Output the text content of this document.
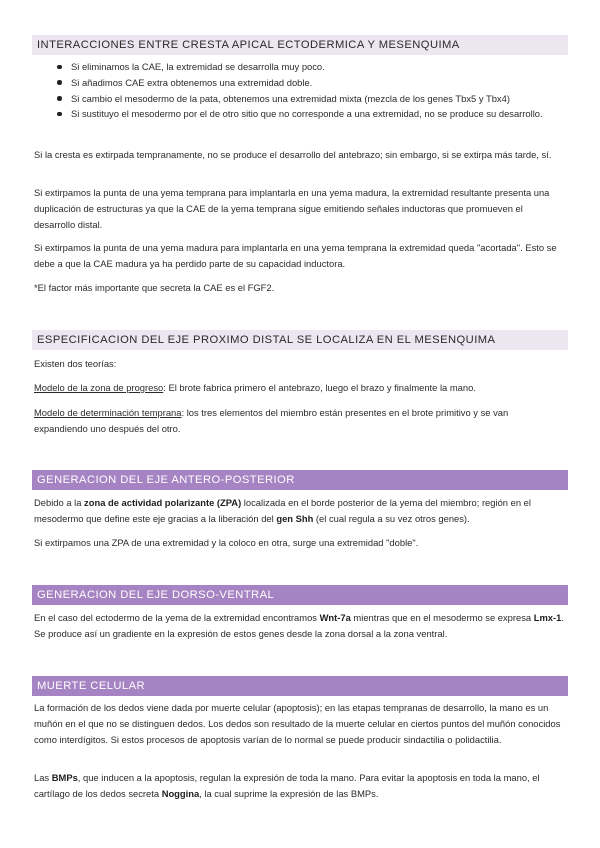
INTERACCIONES ENTRE CRESTA APICAL ECTODERMICA Y MESENQUIMA
Si eliminamos la CAE, la extremidad se desarrolla muy poco.
Si añadimos CAE extra obtenemos una extremidad doble.
Si cambio el mesodermo de la pata, obtenemos una extremidad mixta (mezcla de los genes Tbx5 y Tbx4)
Si sustituyo el mesodermo por el de otro sitio que no corresponde a una extremidad, no se produce su desarrollo.

Si la cresta es extirpada tempranamente, no se produce el desarrollo del antebrazo; sin embargo, si se extirpa más tarde, sí.

Si extirpamos la punta de una yema temprana para implantarla en una yema madura, la extremidad resultante presenta una duplicación de estructuras ya que la CAE de la yema temprana sigue emitiendo señales inductoras que promueven el desarrollo distal.

Si extirpamos la punta de una yema madura para implantarla en una yema temprana la extremidad queda "acortada". Esto se debe a que la CAE madura ya ha perdido parte de su capacidad inductora.

*El factor más importante que secreta la CAE es el FGF2.

ESPECIFICACION DEL EJE PROXIMO DISTAL SE LOCALIZA EN EL MESENQUIMA

Existen dos teorías:

Modelo de la zona de progreso: El brote fabrica primero el antebrazo, luego el brazo y finalmente la mano.

Modelo de determinación temprana: los tres elementos del miembro están presentes en el brote primitivo y se van expandiendo uno después del otro.

GENERACION DEL EJE ANTERO-POSTERIOR

Debido a la zona de actividad polarizante (ZPA) localizada en el borde posterior de la yema del miembro; región en el mesodermo que define este eje gracias a la liberación del gen Shh (el cual regula a su vez otros genes).

Si extirpamos una ZPA de una extremidad y la coloco en otra, surge una extremidad "doble".

GENERACION DEL EJE DORSO-VENTRAL

En el caso del ectodermo de la yema de la extremidad encontramos Wnt-7a mientras que en el mesodermo se expresa Lmx-1. Se produce así un gradiente en la expresión de estos genes desde la zona dorsal a la zona ventral.

MUERTE CELULAR

La formación de los dedos viene dada por muerte celular (apoptosis); en las etapas tempranas de desarrollo, la mano es un muñón en el que no se distinguen dedos. Los dedos son resultado de la muerte celular en ciertos puntos del muñón conocidos como interdígitos. Si estos procesos de apoptosis varían de lo normal se puede producir sindactilia o polidactilia.

Las BMPs, que inducen a la apoptosis, regulan la expresión de toda la mano. Para evitar la apoptosis en toda la mano, el cartílago de los dedos secreta Noggina, la cual suprime la expresión de las BMPs.
